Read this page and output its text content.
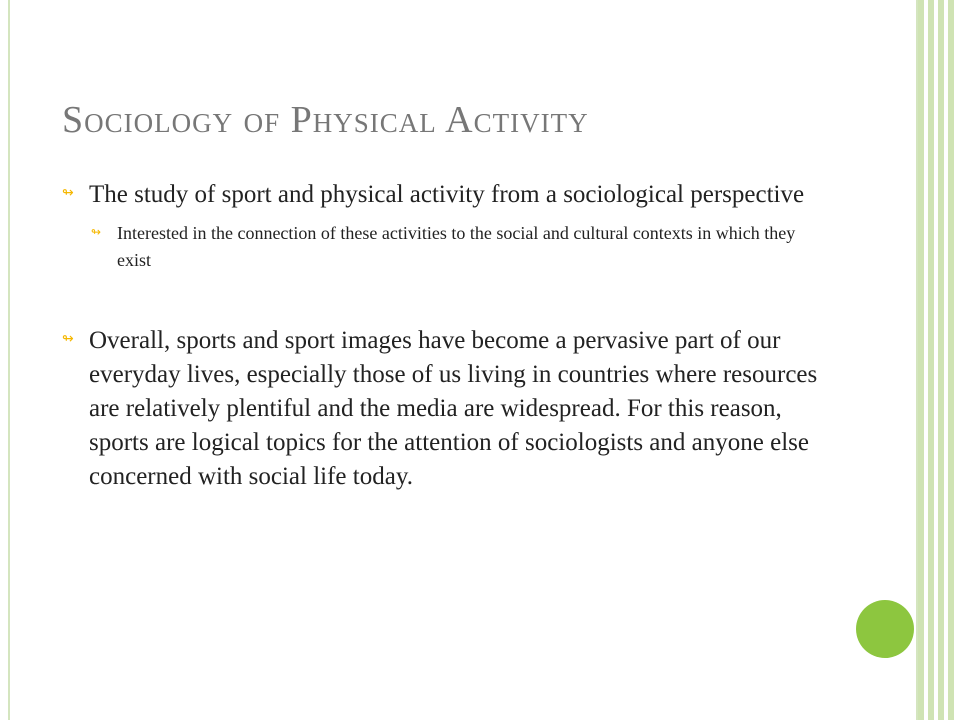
Sociology of Physical Activity
↬ The study of sport and physical activity from a sociological perspective
↬ Interested in the connection of these activities to the social and cultural contexts in which they exist
↬ Overall, sports and sport images have become a pervasive part of our everyday lives, especially those of us living in countries where resources are relatively plentiful and the media are widespread. For this reason, sports are logical topics for the attention of sociologists and anyone else concerned with social life today.
